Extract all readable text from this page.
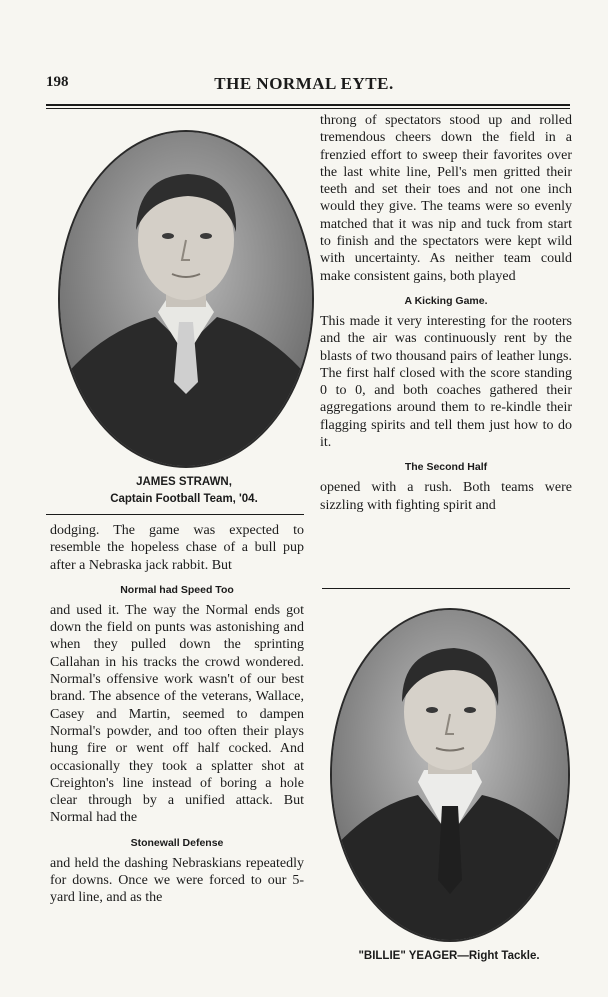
198	THE NORMAL EYTE.
JAMES STRAWN,
Captain Football Team, '04.

dodging. The game was expected to resemble the hopeless chase of a bull pup after a Nebraska jack rabbit. But

Normal had Speed Too

and used it. The way the Normal ends got down the field on punts was astonishing and when they pulled down the sprinting Callahan in his tracks the crowd wondered. Normal's offensive work wasn't of our best brand. The absence of the veterans, Wallace, Casey and Martin, seemed to dampen Normal's powder, and too often their plays hung fire or went off half cocked. And occasionally they took a splatter shot at Creighton's line instead of boring a hole clear through by a unified attack. But Normal had the

Stonewall Defense

and held the dashing Nebraskians repeatedly for downs. Once we were forced to our 5-yard line, and as the

throng of spectators stood up and rolled tremendous cheers down the field in a frenzied effort to sweep their favorites over the last white line, Pell's men gritted their teeth and set their toes and not one inch would they give. The teams were so evenly matched that it was nip and tuck from start to finish and the spectators were kept wild with uncertainty. As neither team could make consistent gains, both played

A Kicking Game.

This made it very interesting for the rooters and the air was continuously rent by the blasts of two thousand pairs of leather lungs. The first half closed with the score standing 0 to 0, and both coaches gathered their aggregations around them to re-kindle their flagging spirits and tell them just how to do it.

The Second Half

opened with a rush. Both teams were sizzling with fighting spirit and

"BILLIE" YEAGER—Right Tackle.
